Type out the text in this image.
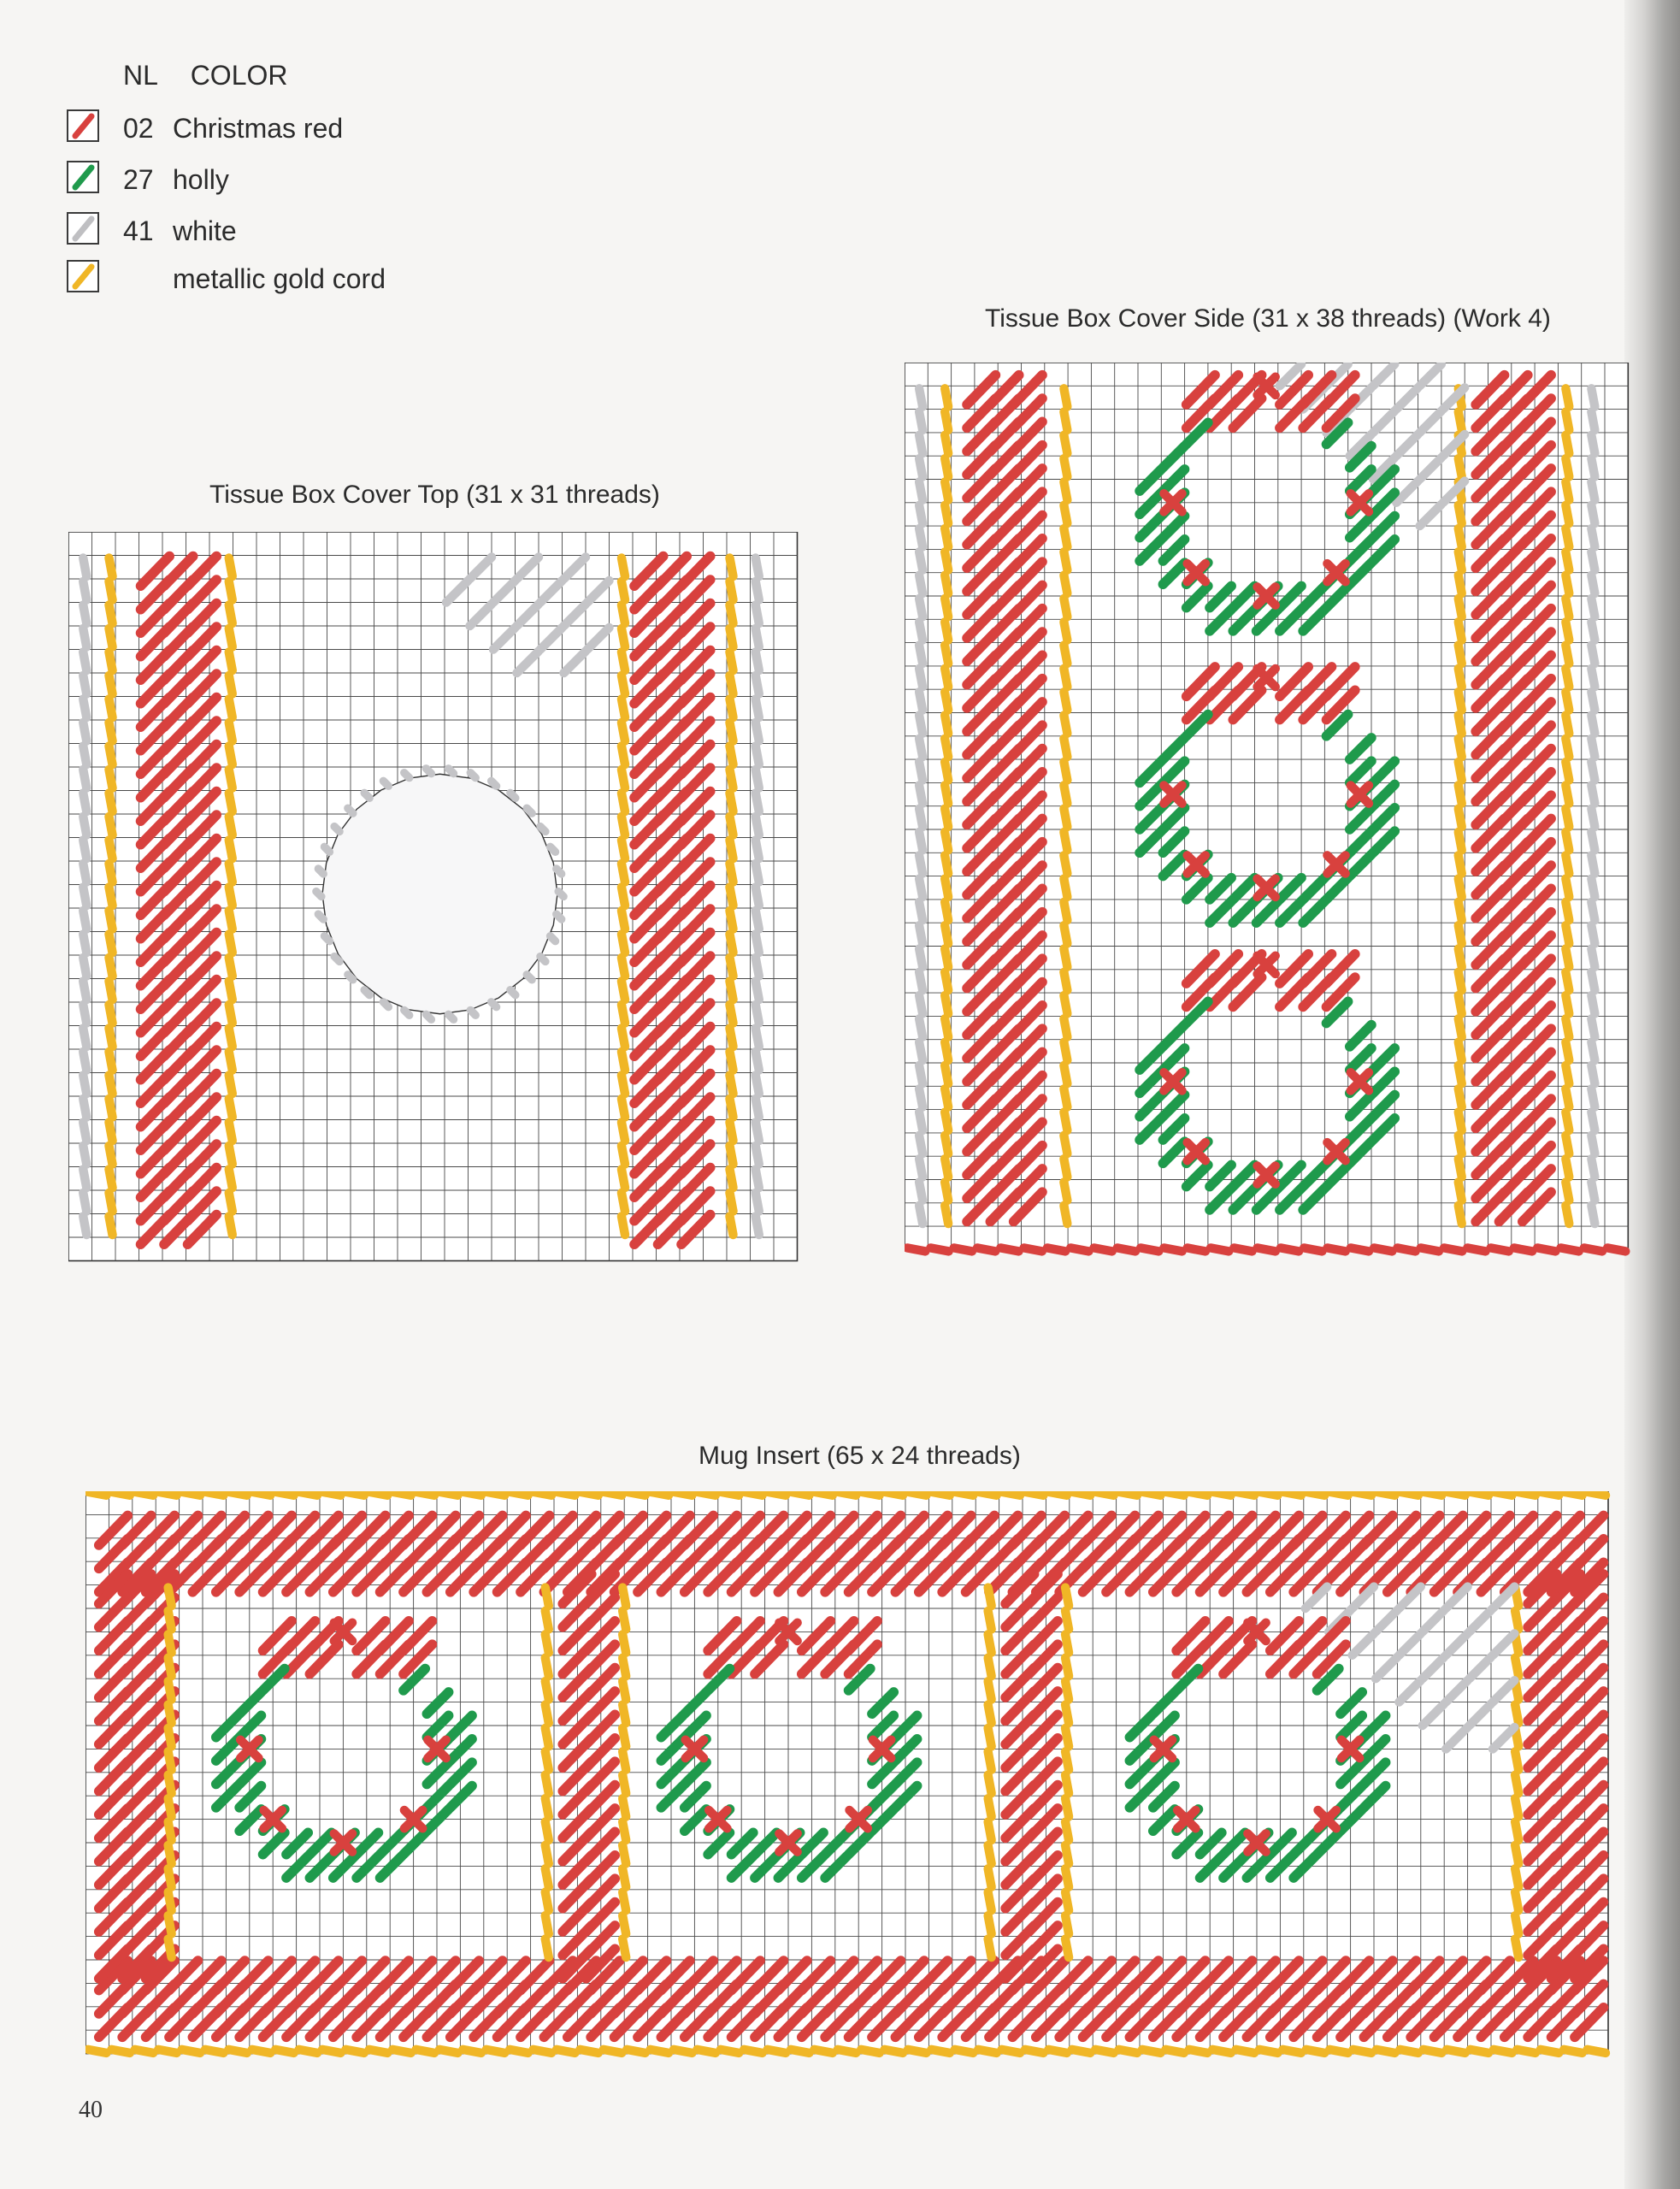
NL COLOR
02 Christmas red
27 holly
41 white
metallic gold cord
Tissue Box Cover Top (31 x 31 threads)
Tissue Box Cover Side (31 x 38 threads) (Work 4)
Mug Insert (65 x 24 threads)
40
